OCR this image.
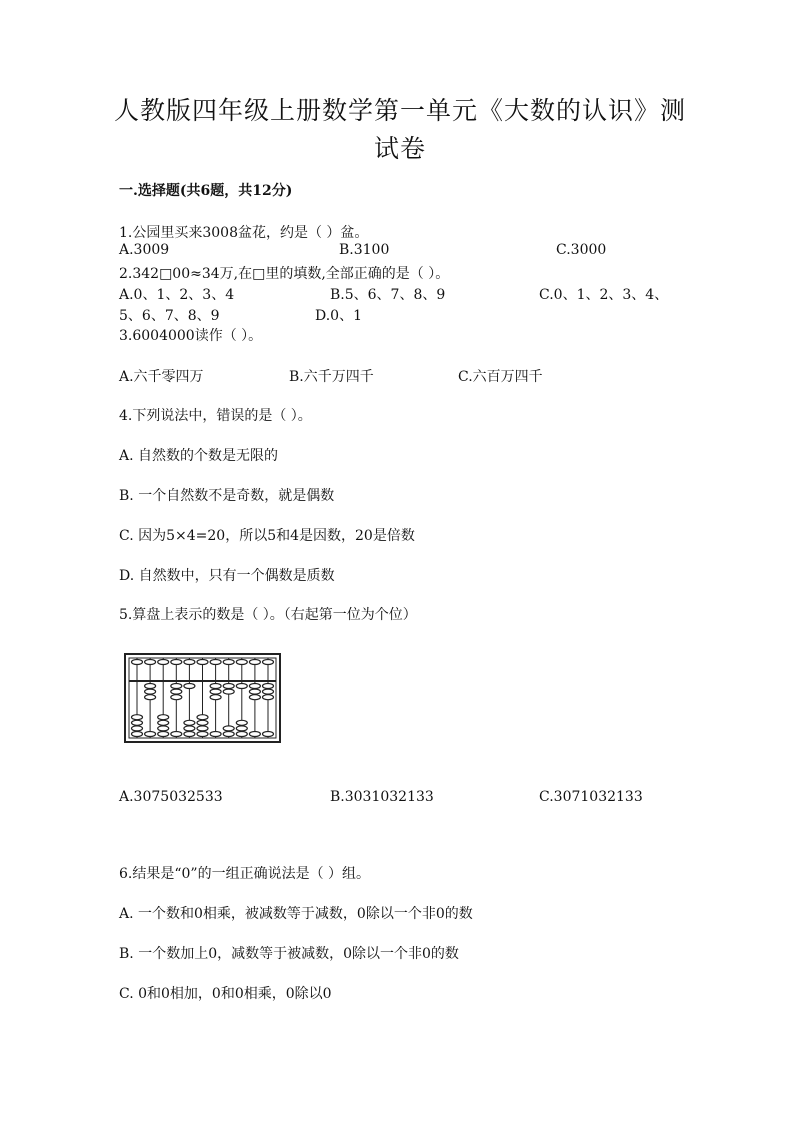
人教版四年级上册数学第一单元《大数的认识》测
试卷
一.选择题(共6题，共12分)
1.公园里买来3008盆花，约是（ ）盆。
A.3009	B.3100	C.3000
2.342□00≈34万,在□里的填数,全部正确的是（ ）。
A.0、1、2、3、4	B.5、6、7、8、9	C.0、1、2、3、4、
5、6、7、8、9	D.0、1
3.6004000读作（ ）。
A.六千零四万	B.六千万四千	C.六百万四千
4.下列说法中，错误的是（ ）。
A. 自然数的个数是无限的
B. 一个自然数不是奇数，就是偶数
C. 因为5×4=20，所以5和4是因数，20是倍数
D. 自然数中，只有一个偶数是质数
5.算盘上表示的数是（ ）。（右起第一位为个位）
A.3075032533	B.3031032133	C.3071032133
6.结果是“0”的一组正确说法是（ ）组。
A. 一个数和0相乘，被减数等于减数，0除以一个非0的数
B. 一个数加上0，减数等于被减数，0除以一个非0的数
C. 0和0相加，0和0相乘，0除以0
